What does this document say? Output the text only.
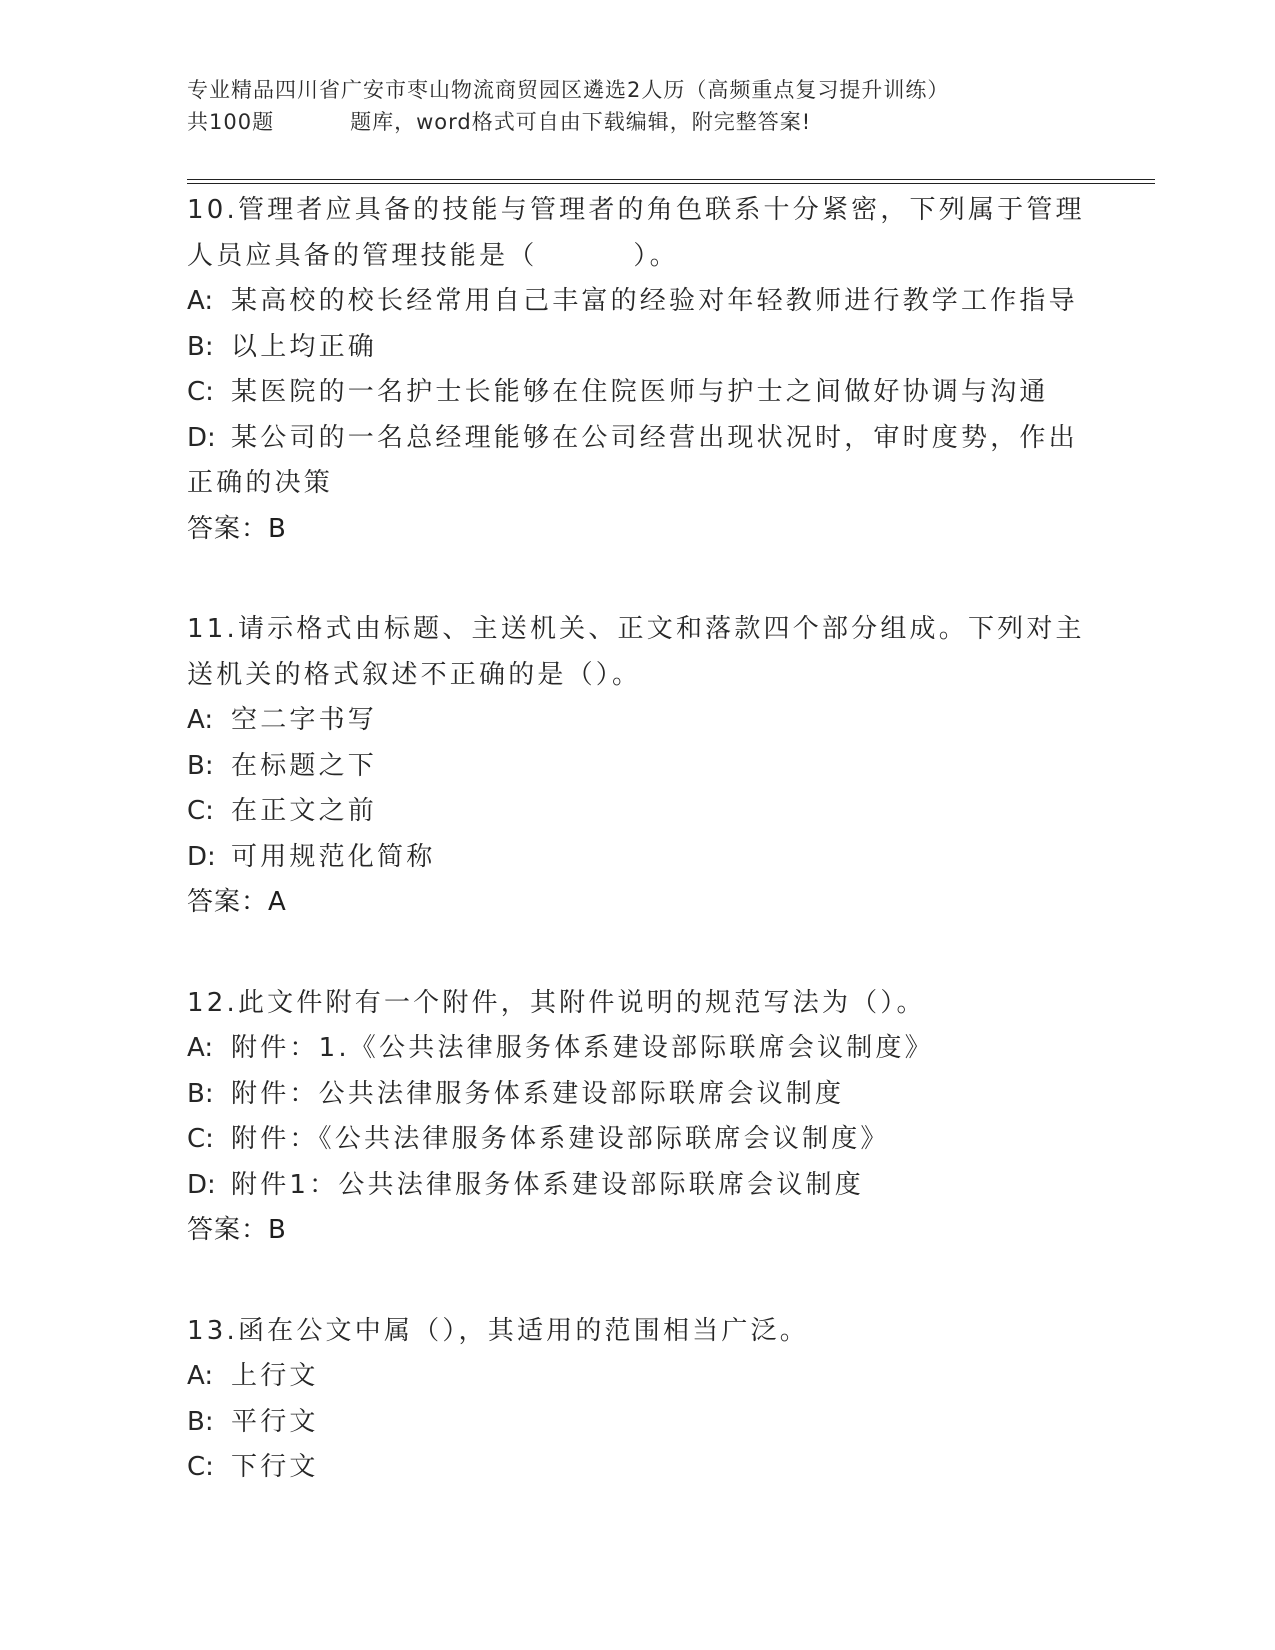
专业精品四川省广安市枣山物流商贸园区遴选2人历（高频重点复习提升训练）
共100题	题库，word格式可自由下载编辑，附完整答案!
10.管理者应具备的技能与管理者的角色联系十分紧密，下列属于管理
人员应具备的管理技能是（	）。
A: 某高校的校长经常用自己丰富的经验对年轻教师进行教学工作指导
B: 以上均正确
C: 某医院的一名护士长能够在住院医师与护士之间做好协调与沟通
D: 某公司的一名总经理能够在公司经营出现状况时，审时度势，作出
正确的决策
答案：B
11.请示格式由标题、主送机关、正文和落款四个部分组成。下列对主
送机关的格式叙述不正确的是（）。
A: 空二字书写
B: 在标题之下
C: 在正文之前
D: 可用规范化简称
答案：A
12.此文件附有一个附件，其附件说明的规范写法为（）。
A: 附件：1.《公共法律服务体系建设部际联席会议制度》
B: 附件：公共法律服务体系建设部际联席会议制度
C: 附件：《公共法律服务体系建设部际联席会议制度》
D: 附件1：公共法律服务体系建设部际联席会议制度
答案：B
13.函在公文中属（），其适用的范围相当广泛。
A: 上行文
B: 平行文
C: 下行文
